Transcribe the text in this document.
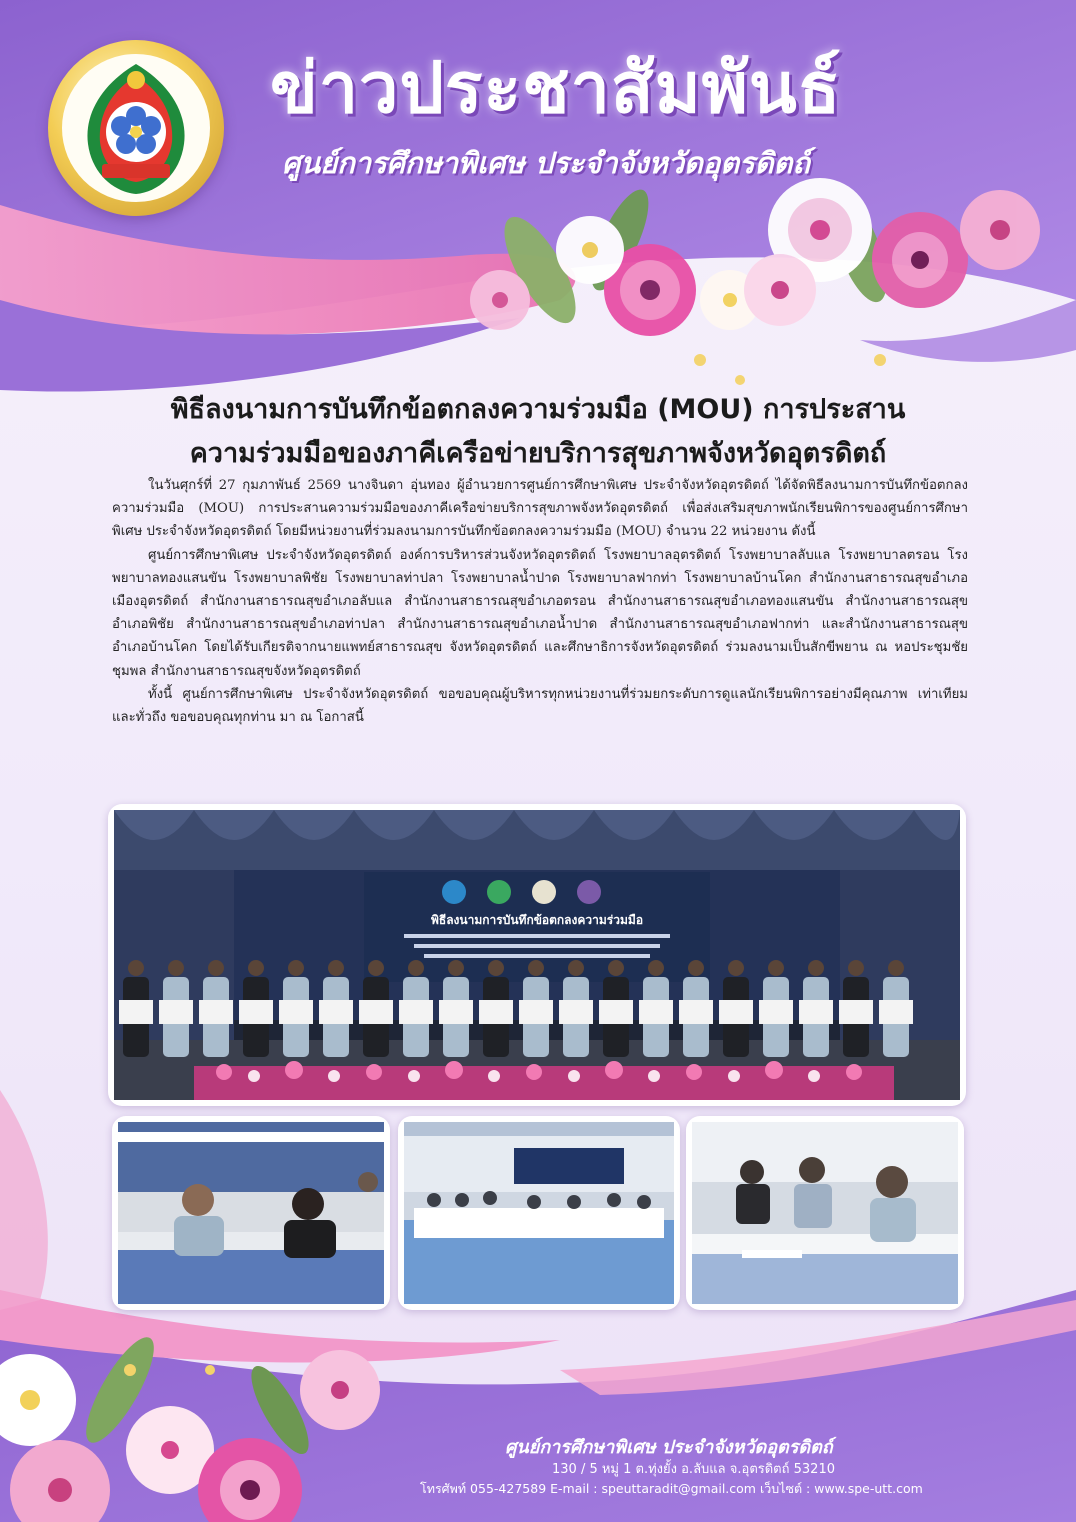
ข่าวประชาสัมพันธ์
ศูนย์การศึกษาพิเศษ ประจำจังหวัดอุตรดิตถ์
พิธีลงนามการบันทึกข้อตกลงความร่วมมือ (MOU) การประสาน
ความร่วมมือของภาคีเครือข่ายบริการสุขภาพจังหวัดอุตรดิตถ์

ในวันศุกร์ที่ 27 กุมภาพันธ์ 2569 นางจินดา อุ่นทอง ผู้อำนวยการศูนย์การศึกษาพิเศษ ประจำจังหวัดอุตรดิตถ์ ได้จัดพิธีลงนามการบันทึกข้อตกลงความร่วมมือ (MOU) การประสานความร่วมมือของภาคีเครือข่ายบริการสุขภาพจังหวัดอุตรดิตถ์ เพื่อส่งเสริมสุขภาพนักเรียนพิการของศูนย์การศึกษาพิเศษ ประจำจังหวัดอุตรดิตถ์ โดยมีหน่วยงานที่ร่วมลงนามการบันทึกข้อตกลงความร่วมมือ (MOU) จำนวน 22 หน่วยงาน ดังนี้

ศูนย์การศึกษาพิเศษ ประจำจังหวัดอุตรดิตถ์ องค์การบริหารส่วนจังหวัดอุตรดิตถ์ โรงพยาบาลอุตรดิตถ์ โรงพยาบาลลับแล โรงพยาบาลตรอน โรงพยาบาลทองแสนขัน โรงพยาบาลพิชัย โรงพยาบาลท่าปลา โรงพยาบาลน้ำปาด โรงพยาบาลฟากท่า โรงพยาบาลบ้านโคก สำนักงานสาธารณสุขอำเภอเมืองอุตรดิตถ์ สำนักงานสาธารณสุขอำเภอลับแล สำนักงานสาธารณสุขอำเภอตรอน สำนักงานสาธารณสุขอำเภอทองแสนขัน สำนักงานสาธารณสุขอำเภอพิชัย สำนักงานสาธารณสุขอำเภอท่าปลา สำนักงานสาธารณสุขอำเภอน้ำปาด สำนักงานสาธารณสุขอำเภอฟากท่า และสำนักงานสาธารณสุขอำเภอบ้านโคก โดยได้รับเกียรติจากนายแพทย์สาธารณสุข จังหวัดอุตรดิตถ์ และศึกษาธิการจังหวัดอุตรดิตถ์ ร่วมลงนามเป็นสักขีพยาน ณ หอประชุมชัยชุมพล สำนักงานสาธารณสุขจังหวัดอุตรดิตถ์

ทั้งนี้ ศูนย์การศึกษาพิเศษ ประจำจังหวัดอุตรดิตถ์ ขอขอบคุณผู้บริหารทุกหน่วยงานที่ร่วมยกระดับการดูแลนักเรียนพิการอย่างมีคุณภาพ เท่าเทียม และทั่วถึง ขอขอบคุณทุกท่าน มา ณ โอกาสนี้

พิธีลงนามการบันทึกข้อตกลงความร่วมมือ
ศูนย์การศึกษาพิเศษ ประจำจังหวัดอุตรดิตถ์
130 / 5 หมู่ 1 ต.ทุ่งยั้ง อ.ลับแล จ.อุตรดิตถ์ 53210
โทรศัพท์ 055-427589 E-mail : speuttaradit@gmail.com เว็บไซต์ : www.spe-utt.com
